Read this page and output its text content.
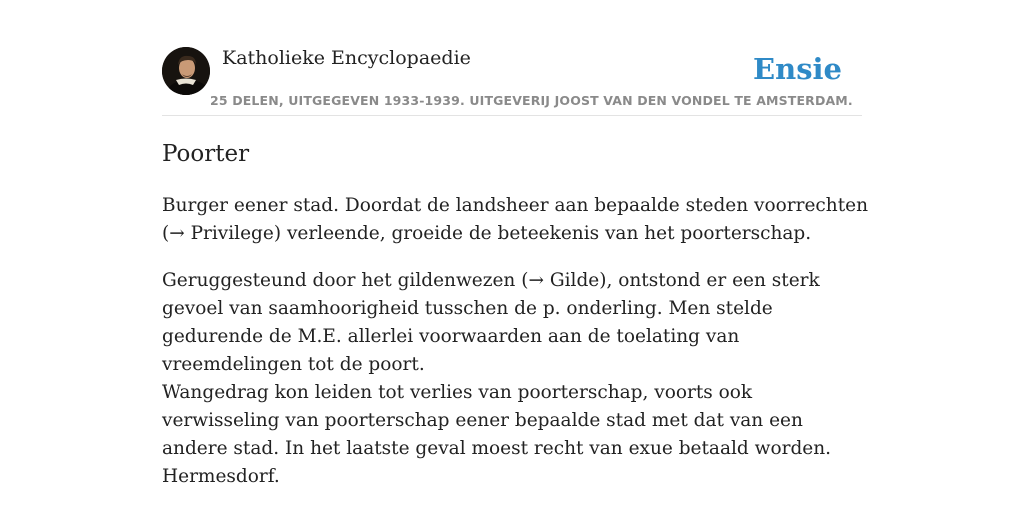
Katholieke Encyclopaedie	Ensie
25 DELEN, UITGEGEVEN 1933-1939. UITGEVERIJ JOOST VAN DEN VONDEL TE AMSTERDAM.
Poorter

Burger eener stad. Doordat de landsheer aan bepaalde steden voorrechten (→ Privilege) verleende, groeide de beteekenis van het poorterschap.

Geruggesteund door het gildenwezen (→ Gilde), ontstond er een sterk gevoel van saamhoorigheid tusschen de p. onderling. Men stelde gedurende de M.E. allerlei voorwaarden aan de toelating van vreemdelingen tot de poort.

Wangedrag kon leiden tot verlies van poorterschap, voorts ook verwisseling van poorterschap eener bepaalde stad met dat van een andere stad. In het laatste geval moest recht van exue betaald worden. Hermesdorf.
